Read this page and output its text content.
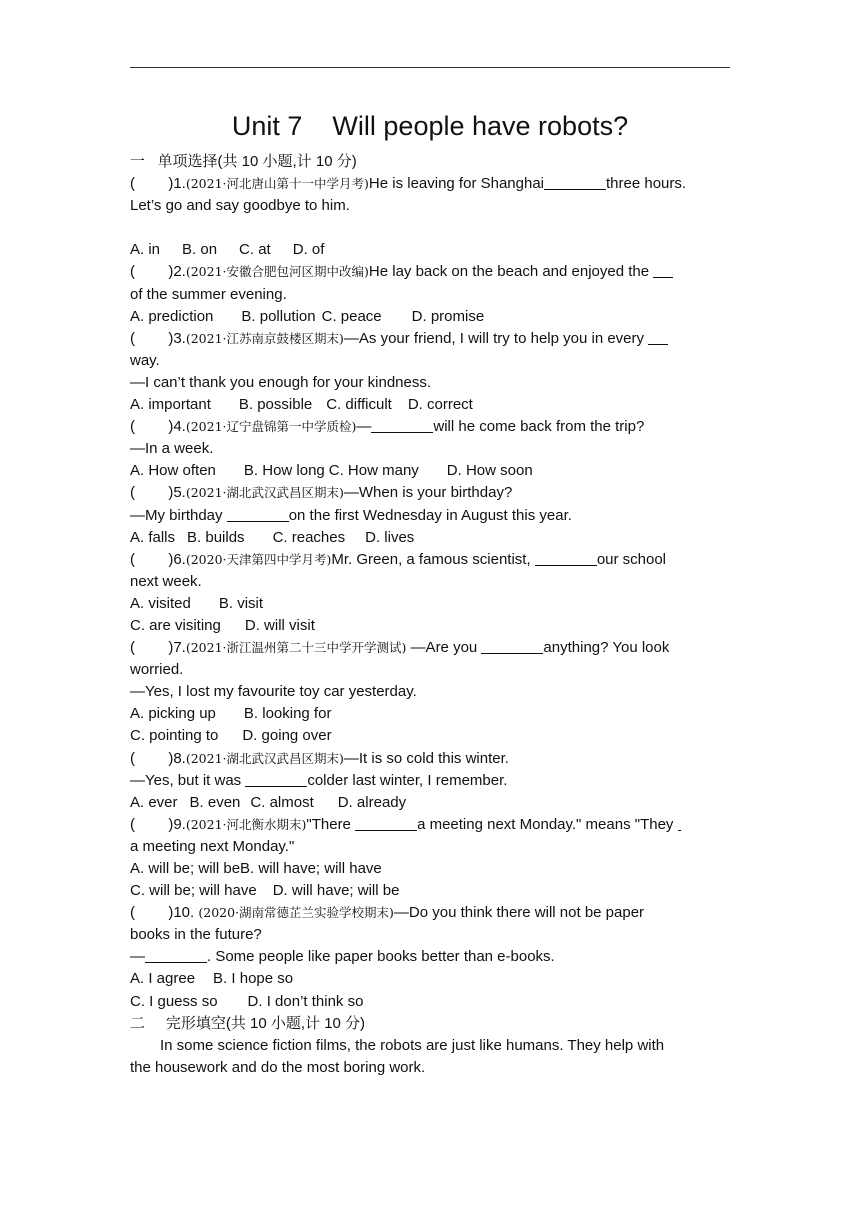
Unit 7    Will people have robots?
一   单项选择(共 10 小题,计 10 分)
(        )1.(2021·河北唐山第十一中学月考)He is leaving for Shanghai	three hours.
Let’s go and say goodbye to him.
A. in B. on C. at D. of
(        )2.(2021·安徽合肥包河区期中改编)He lay back on the beach and enjoyed the
of the summer evening.
A. prediction B. pollution C. peace D. promise
(        )3.(2021·江苏南京鼓楼区期末)—As your friend, I will try to help you in every
way.
—I can’t thank you enough for your kindness.
A. important B. possible C. difficult D. correct
(        )4.(2021·辽宁盘锦第一中学质检)—	will he come back from the trip?
—In a week.
A. How often B. How long C. How many D. How soon
(        )5.(2021·湖北武汉武昌区期末)—When is your birthday?
—My birthday	on the first Wednesday in August this year.
A. falls B. builds C. reaches D. lives
(        )6.(2020·天津第四中学月考)Mr. Green, a famous scientist,	our school
next week.
A. visited B. visit
C. are visiting D. will visit
(        )7.(2021·浙江温州第二十三中学开学测试) —Are you	anything? You look
worried.
—Yes, I lost my favourite toy car yesterday.
A. picking up B. looking for
C. pointing to D. going over
(        )8.(2021·湖北武汉武昌区期末)—It is so cold this winter.
—Yes, but it was	colder last winter, I remember.
A. ever B. even C. almost D. already
(        )9.(2021·河北衡水期末)"There	a meeting next Monday." means "They
a meeting next Monday."
A. will be; will beB. will have; will have
C. will be; will have D. will have; will be
(        )10. (2020·湖南常德芷兰实验学校期末)—Do you think there will not be paper
books in the future?
—	. Some people like paper books better than e-books.
A. I agree B. I hope so
C. I guess so D. I don’t think so
二     完形填空(共 10 小题,计 10 分)
In some science fiction films, the robots are just like humans. They help with
the housework and do the most boring work.
